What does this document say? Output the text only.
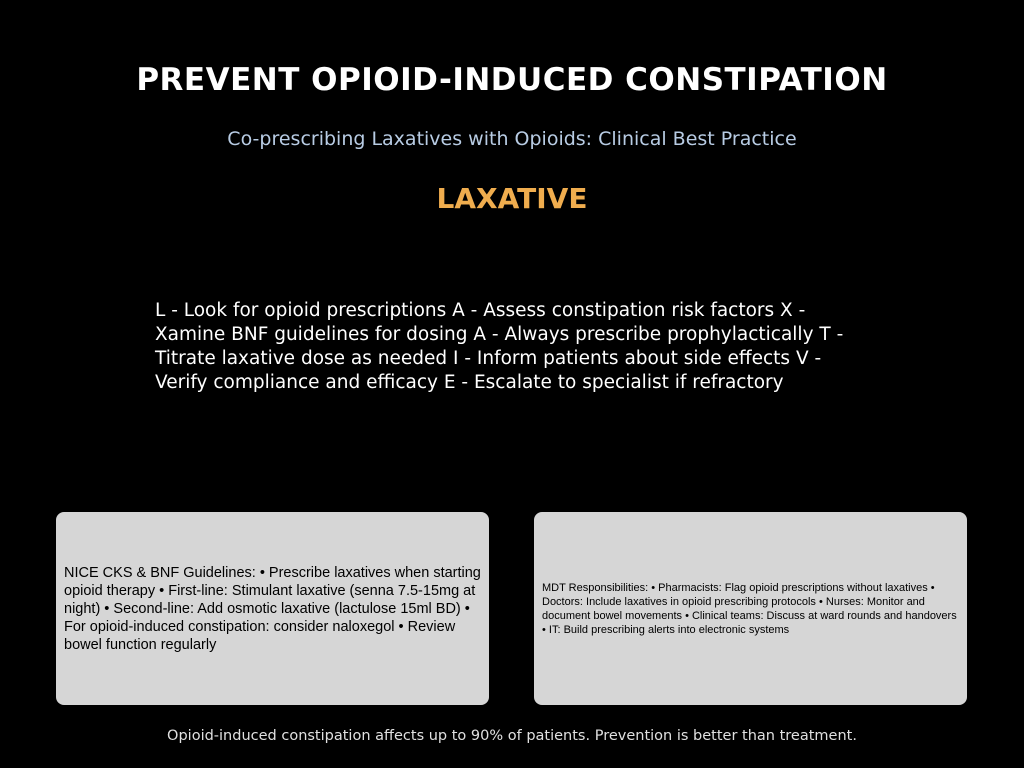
PREVENT OPIOID-INDUCED CONSTIPATION
Co-prescribing Laxatives with Opioids: Clinical Best Practice
LAXATIVE
L - Look for opioid prescriptions A - Assess constipation risk factors X - Xamine BNF guidelines for dosing A - Always prescribe prophylactically T - Titrate laxative dose as needed I - Inform patients about side effects V - Verify compliance and efficacy E - Escalate to specialist if refractory
NICE CKS & BNF Guidelines: • Prescribe laxatives when starting opioid therapy • First-line: Stimulant laxative (senna 7.5-15mg at night) • Second-line: Add osmotic laxative (lactulose 15ml BD) • For opioid-induced constipation: consider naloxegol • Review bowel function regularly
MDT Responsibilities: • Pharmacists: Flag opioid prescriptions without laxatives • Doctors: Include laxatives in opioid prescribing protocols • Nurses: Monitor and document bowel movements • Clinical teams: Discuss at ward rounds and handovers • IT: Build prescribing alerts into electronic systems
Opioid-induced constipation affects up to 90% of patients. Prevention is better than treatment.
